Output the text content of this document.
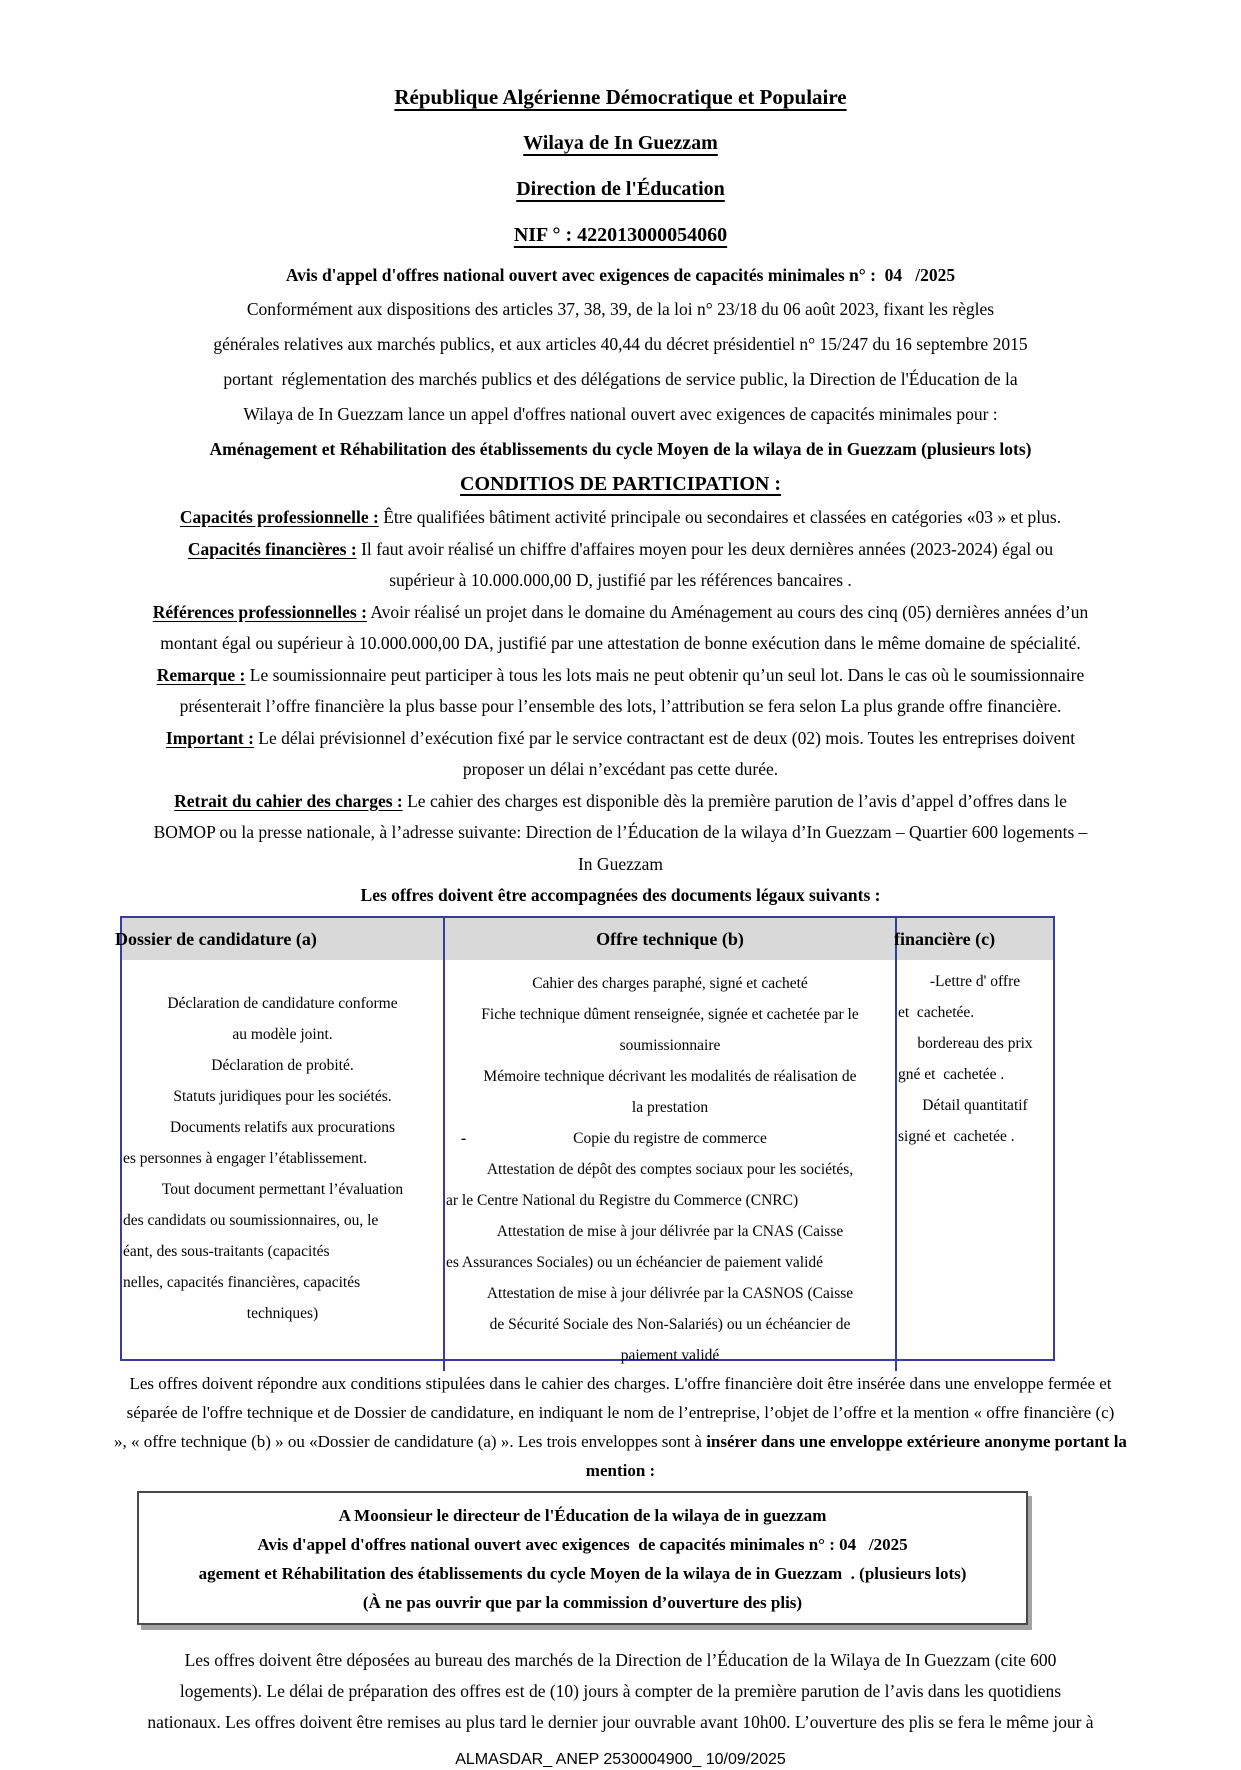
République Algérienne Démocratique et Populaire
Wilaya de In Guezzam
Direction de l'Éducation
NIF ° : 422013000054060
Avis d'appel d'offres national ouvert avec exigences de capacités minimales n° :  04   /2025
Conformément aux dispositions des articles 37, 38, 39, de la loi n° 23/18 du 06 août 2023, fixant les règles
générales relatives aux marchés publics, et aux articles 40,44 du décret présidentiel n° 15/247 du 16 septembre 2015
portant  réglementation des marchés publics et des délégations de service public, la Direction de l'Éducation de la
Wilaya de In Guezzam lance un appel d'offres national ouvert avec exigences de capacités minimales pour :
Aménagement et Réhabilitation des établissements du cycle Moyen de la wilaya de in Guezzam (plusieurs lots)
CONDITIOS DE PARTICIPATION :
Capacités professionnelle : Être qualifiées bâtiment activité principale ou secondaires et classées en catégories «03 » et plus.
Capacités financières : Il faut avoir réalisé un chiffre d'affaires moyen pour les deux dernières années (2023-2024) égal ou
supérieur à 10.000.000,00 D, justifié par les références bancaires .
Références professionnelles : Avoir réalisé un projet dans le domaine du Aménagement au cours des cinq (05) dernières années d’un
montant égal ou supérieur à 10.000.000,00 DA, justifié par une attestation de bonne exécution dans le même domaine de spécialité.
Remarque : Le soumissionnaire peut participer à tous les lots mais ne peut obtenir qu’un seul lot. Dans le cas où le soumissionnaire
présenterait l’offre financière la plus basse pour l’ensemble des lots, l’attribution se fera selon La plus grande offre financière.
Important : Le délai prévisionnel d’exécution fixé par le service contractant est de deux (02) mois. Toutes les entreprises doivent
proposer un délai n’excédant pas cette durée.
Retrait du cahier des charges : Le cahier des charges est disponible dès la première parution de l’avis d’appel d’offres dans le
BOMOP ou la presse nationale, à l’adresse suivante: Direction de l’Éducation de la wilaya d’In Guezzam – Quartier 600 logements –
In Guezzam
Les offres doivent être accompagnées des documents légaux suivants :
Dossier de candidature (a)
Déclaration de candidature conforme
au modèle joint.
Déclaration de probité.
Statuts juridiques pour les sociétés.
Documents relatifs aux procurations
es personnes à engager l’établissement.
Tout document permettant l’évaluation
des candidats ou soumissionnaires, ou, le
éant, des sous-traitants (capacités
nelles, capacités financières, capacités
techniques)
Offre technique (b)
Cahier des charges paraphé, signé et cacheté
Fiche technique dûment renseignée, signée et cachetée par le
soumissionnaire
Mémoire technique décrivant les modalités de réalisation de
la prestation
-	Copie du registre de commerce
Attestation de dépôt des comptes sociaux pour les sociétés,
ar le Centre National du Registre du Commerce (CNRC)
Attestation de mise à jour délivrée par la CNAS (Caisse
es Assurances Sociales) ou un échéancier de paiement validé
Attestation de mise à jour délivrée par la CASNOS (Caisse
de Sécurité Sociale des Non-Salariés) ou un échéancier de
paiement validé
financière (c)
-Lettre d' offre
et  cachetée.
bordereau des prix
gné et  cachetée .
Détail quantitatif
signé et  cachetée .
Les offres doivent répondre aux conditions stipulées dans le cahier des charges. L'offre financière doit être insérée dans une enveloppe fermée et
séparée de l'offre technique et de Dossier de candidature, en indiquant le nom de l’entreprise, l’objet de l’offre et la mention « offre financière (c)
», « offre technique (b) » ou «Dossier de candidature (a) ». Les trois enveloppes sont à insérer dans une enveloppe extérieure anonyme portant la
mention :
A Moonsieur le directeur de l'Éducation de la wilaya de in guezzam
Avis d'appel d'offres national ouvert avec exigences  de capacités minimales n° : 04   /2025
agement et Réhabilitation des établissements du cycle Moyen de la wilaya de in Guezzam  . (plusieurs lots)
(À ne pas ouvrir que par la commission d’ouverture des plis)
Les offres doivent être déposées au bureau des marchés de la Direction de l’Éducation de la Wilaya de In Guezzam (cite 600
logements). Le délai de préparation des offres est de (10) jours à compter de la première parution de l’avis dans les quotidiens
nationaux. Les offres doivent être remises au plus tard le dernier jour ouvrable avant 10h00. L’ouverture des plis se fera le même jour à
ALMASDAR_ ANEP 2530004900_ 10/09/2025
